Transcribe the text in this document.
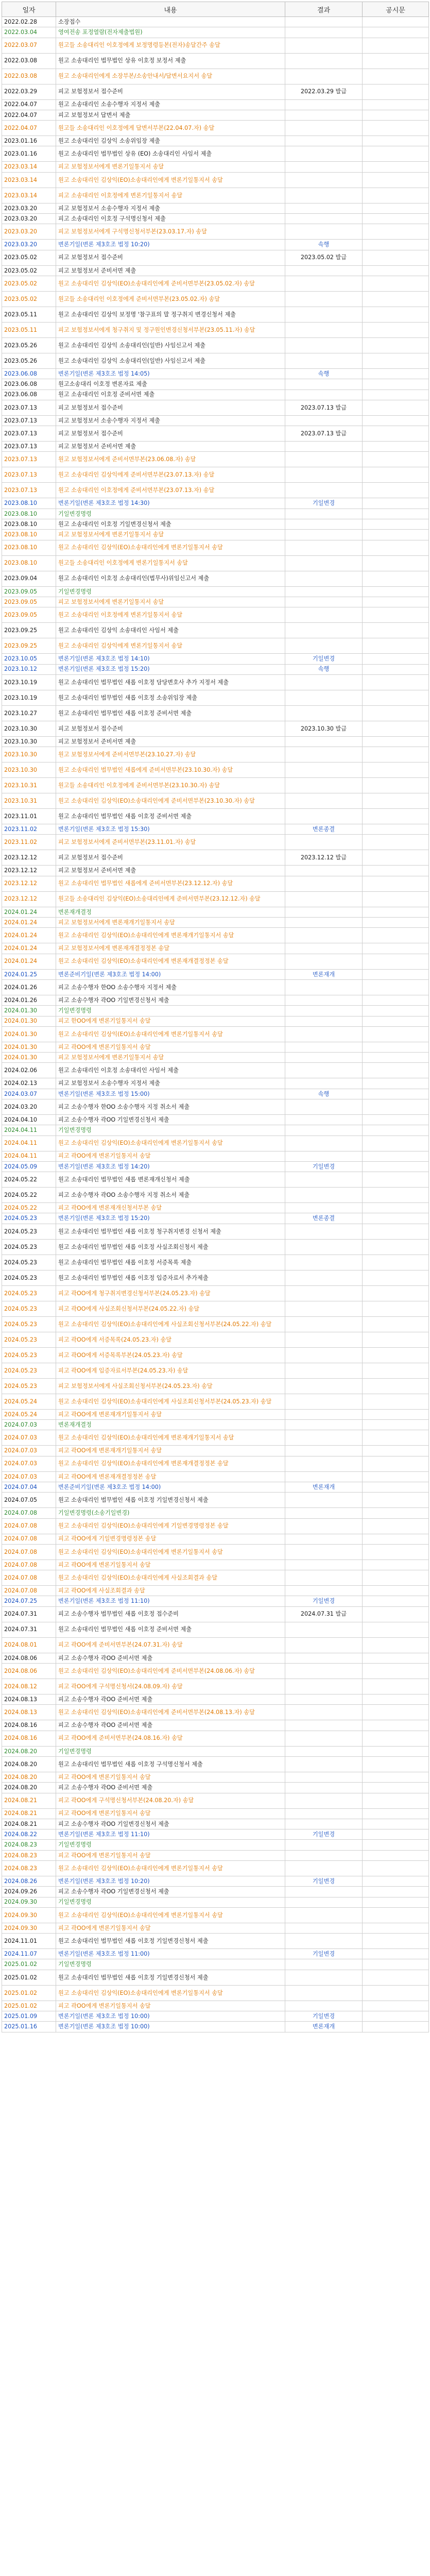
일자	내용	결과	공시문
2022.02.28	소장접수		
2022.03.04	영여전송 포정열람(전자제출법원)		
2022.03.07	원고들 소송대리인 이호정에게 보정명령등본(전자)송달간주 송달		
2022.03.08	원고 소송대리인 법무법인 상유 이호정 보정서 제출		
2022.03.08	원고 소송대리인에게 소장부본/소송안내서/답변서요지서 송달		
2022.03.29	피고 보험정보서 접수준비	2022.03.29 발급	
2022.04.07	원고 소송대리인 소송수행자 지정서 제출		
2022.04.07	피고 보험정보서 답변서 제출		
2022.04.07	원고들 소송대리인 이호정에게 답변서부본(22.04.07.자) 송달		
2023.01.16	원고 소송대리인 김상익 소송위임장 제출		
2023.01.16	원고 소송대리인 법무법인 상유 (EO) 소송대리인 사임서 제출		
2023.03.14	피고 보험정보서에게 변론기일통지서 송달		
2023.03.14	원고 소송대리인 김상익(EO)소송대리인에게 변론기일통지서 송달		
2023.03.14	피고 소송대리인 이호정에게 변론기일통지서 송달		
2023.03.20	피고 보험정보서 소송수행자 지정서 제출		
2023.03.20	피고 소송대리인 이호정 구석명신청서 제출		
2023.03.20	피고 보험정보서에게 구석명신청서부본(23.03.17.자) 송달		
2023.03.20	변론기일(변론 제3호조 법정 10:20)	속행	
2023.05.02	피고 보험정보서 접수준비	2023.05.02 발급	
2023.05.02	피고 보험정보서 준비서면 제출		
2023.05.02	원고 소송대리인 김상익(EO)소송대리인에게 준비서면부본(23.05.02.자) 송달		
2023.05.02	원고들 소송대리인 이호정에게 준비서면부본(23.05.02.자) 송달		
2023.05.11	원고 소송대리인 김상익 보정명 '참구표의 말 정구취지 변경신청서 제출		
2023.05.11	피고 보험정보서에게 청구취지 및 정구원인변경신청서부본(23.05.11.자) 송달		
2023.05.26	원고 소송대리인 김상익 소송대리인(일반) 사임신고서 제출		
2023.05.26	원고 소송대리인 김상익 소송대리인(일반) 사임신고서 제출		
2023.06.08	변론기일(변론 제3호조 법정 14:05)	속행	
2023.06.08	원고소송대리 이호정 변론자료 제출		
2023.06.08	원고 소송대리인 이호정 준비서면 제출		
2023.07.13	피고 보험정보서 접수준비	2023.07.13 발급	
2023.07.13	피고 보험정보서 소송수행자 지정서 제출		
2023.07.13	피고 보험정보서 접수준비	2023.07.13 발급	
2023.07.13	피고 보험정보서 준비서면 제출		
2023.07.13	원고 보험정보서에게 준비서면부본(23.06.08.자) 송달		
2023.07.13	원고 소송대리인 김상익에게 준비서면부본(23.07.13.자) 송달		
2023.07.13	원고 소송대리인 이호정에게 준비서면부본(23.07.13.자) 송달		
2023.08.10	변론기일(변론 제3호조 법정 14:30)	기일변경	
2023.08.10	기일변경명령		
2023.08.10	원고 소송대리인 이호정 기일변경신청서 제출		
2023.08.10	피고 보험정보서에게 변론기일통지서 송달		
2023.08.10	원고 소송대리인 김상익(EO)소송대리인에게 변론기일통지서 송달		
2023.08.10	원고들 소송대리인 이호정에게 변론기일통지서 송달		
2023.09.04	원고 소송대리인 이호정 소송대리인(법무사)위임신고서 제출		
2023.09.05	기일변경명령		
2023.09.05	피고 보험정보서에게 변론기일통지서 송달		
2023.09.05	원고 소송대리인 이호정에게 변론기일통지서 송달		
2023.09.25	원고 소송대리인 김상익 소송대리인 사임서 제출		
2023.09.25	원고 소송대리인 김상익에게 변론기일통지서 송달		
2023.10.05	변론기일(변론 제3호조 법정 14:10)	기일변경	
2023.10.12	변론기일(변론 제3호조 법정 15:20)	속행	
2023.10.19	원고 소송대리인 법무법인 새롭 이호정 담당변호사 추가 지정서 제출		
2023.10.19	원고 소송대리인 법무법인 새롭 이호정 소송위임장 제출		
2023.10.27	원고 소송대리인 법무법인 새롭 이호정 준비서면 제출		
2023.10.30	피고 보험정보서 접수준비	2023.10.30 발급	
2023.10.30	피고 보험정보서 준비서면 제출		
2023.10.30	원고 보험정보서에게 준비서면부본(23.10.27.자) 송달		
2023.10.30	원고 소송대리인 법무법인 새롭에게 준비서면부본(23.10.30.자) 송달		
2023.10.31	원고들 소송대리인 이호정에게 준비서면부본(23.10.30.자) 송달		
2023.10.31	원고 소송대리인 김상익(EO)소송대리인에게 준비서면부본(23.10.30.자) 송달		
2023.11.01	원고 소송대리인 법무법인 새롭 이호정 준비서면 제출		
2023.11.02	변론기일(변론 제3호조 법정 15:30)	변론종결	
2023.11.02	피고 보험정보서에게 준비서면부본(23.11.01.자) 송달		
2023.12.12	피고 보험정보서 접수준비	2023.12.12 발급	
2023.12.12	피고 보험정보서 준비서면 제출		
2023.12.12	원고 소송대리인 법무법인 새롭에게 준비서면부본(23.12.12.자) 송달		
2023.12.12	원고들 소송대리인 김상익(EO)소송대리인에게 준비서면부본(23.12.12.자) 송달		
2024.01.24	변론재개결정		
2024.01.24	피고 보험정보서에게 변론재개기일통지서 송달		
2024.01.24	원고 소송대리인 김상익(EO)소송대리인에게 변론재개기일통지서 송달		
2024.01.24	피고 보험정보서에게 변론재개결정정본 송달		
2024.01.24	원고 소송대리인 김상익(EO)소송대리인에게 변론재개결정정본 송달		
2024.01.25	변론준비기일(변론 제3호조 법정 14:00)	변론재개	
2024.01.26	피고 소송수행자 한OO 소송수행자 지정서 제출		
2024.01.26	피고 소송수행자 곽OO 기일변경신청서 제출		
2024.01.30	기일변경명령		
2024.01.30	피고 한OO에게 변론기일통지서 송달		
2024.01.30	원고 소송대리인 김상익(EO)소송대리인에게 변론기일통지서 송달		
2024.01.30	피고 곽OO에게 변론기일통지서 송달		
2024.01.30	피고 보험정보서에게 변론기일통지서 송달		
2024.02.06	원고 소송대리인 이호정 소송대리인 사임서 제출		
2024.02.13	피고 보험정보서 소송수행자 지정서 제출		
2024.03.07	변론기일(변론 제3호조 법정 15:00)	속행	
2024.03.20	피고 소송수행자 한OO 소송수행자 지정 취소서 제출		
2024.04.10	피고 소송수행자 곽OO 기일변경신청서 제출		
2024.04.11	기일변경명령		
2024.04.11	원고 소송대리인 김상익(EO)소송대리인에게 변론기일통지서 송달		
2024.04.11	피고 곽OO에게 변론기일통지서 송달		
2024.05.09	변론기일(변론 제3호조 법정 14:20)	기일변경	
2024.05.22	원고 소송대리인 법무법인 새롭 변론재개신청서 제출		
2024.05.22	피고 소송수행자 곽OO 소송수행자 지정 취소서 제출		
2024.05.22	피고 곽OO에게 변론재개신청서부본 송달		
2024.05.23	변론기일(변론 제3호조 법정 15:20)	변론종결	
2024.05.23	원고 소송대리인 법무법인 새롭 이호정 청구취지변경 신청서 제출		
2024.05.23	원고 소송대리인 법무법인 새롭 이호정 사실조회신청서 제출		
2024.05.23	원고 소송대리인 법무법인 새롭 이호정 서증목록 제출		
2024.05.23	원고 소송대리인 법무법인 새롭 이호정 입증자료서 추가제출		
2024.05.23	피고 곽OO에게 청구취지변경신청서부본(24.05.23.자) 송달		
2024.05.23	피고 곽OO에게 사실조회신청서부본(24.05.22.자) 송달		
2024.05.23	원고 소송대리인 김상익(EO)소송대리인에게 사실조회신청서부본(24.05.22.자) 송달		
2024.05.23	피고 곽OO에게 서증목록(24.05.23.자) 송달		
2024.05.23	피고 곽OO에게 서증목록부본(24.05.23.자) 송달		
2024.05.23	피고 곽OO에게 입증자료서부본(24.05.23.자) 송달		
2024.05.23	피고 보험정보서에게 사실조회신청서부본(24.05.23.자) 송달		
2024.05.24	원고 소송대리인 김상익(EO)소송대리인에게 사실조회신청서부본(24.05.23.자) 송달		
2024.05.24	피고 곽OO에게 변론재개기일통지서 송달		
2024.07.03	변론재개결정		
2024.07.03	원고 소송대리인 김상익(EO)소송대리인에게 변론재개기일통지서 송달		
2024.07.03	피고 곽OO에게 변론재개기일통지서 송달		
2024.07.03	원고 소송대리인 김상익(EO)소송대리인에게 변론재개결정정본 송달		
2024.07.03	피고 곽OO에게 변론재개결정정본 송달		
2024.07.04	변론준비기일(변론 제3호조 법정 14:00)	변론재개	
2024.07.05	원고 소송대리인 법무법인 새롭 이호정 기일변경신청서 제출		
2024.07.08	기일변경명령(소송기일변경)		
2024.07.08	원고 소송대리인 김상익(EO)소송대리인에게 기일변경명령정본 송달		
2024.07.08	피고 곽OO에게 기일변경명령정본 송달		
2024.07.08	원고 소송대리인 김상익(EO)소송대리인에게 변론기일통지서 송달		
2024.07.08	피고 곽OO에게 변론기일통지서 송달		
2024.07.08	원고 소송대리인 김상익(EO)소송대리인에게 사실조회결과 송달		
2024.07.08	피고 곽OO에게 사실조회결과 송달		
2024.07.25	변론기일(변론 제3호조 법정 11:10)	기일변경	
2024.07.31	피고 소송수행자 법무법인 새롭 이호정 접수준비	2024.07.31 발급	
2024.07.31	원고 소송대리인 법무법인 새롭 이호정 준비서면 제출		
2024.08.01	피고 곽OO에게 준비서면부본(24.07.31.자) 송달		
2024.08.06	피고 소송수행자 곽OO 준비서면 제출		
2024.08.06	원고 소송대리인 김상익(EO)소송대리인에게 준비서면부본(24.08.06.자) 송달		
2024.08.12	피고 곽OO에게 구석명신청서(24.08.09.자) 송달		
2024.08.13	피고 소송수행자 곽OO 준비서면 제출		
2024.08.13	원고 소송대리인 김상익(EO)소송대리인에게 준비서면부본(24.08.13.자) 송달		
2024.08.16	피고 소송수행자 곽OO 준비서면 제출		
2024.08.16	피고 곽OO에게 준비서면부본(24.08.16.자) 송달		
2024.08.20	기일변경명령		
2024.08.20	원고 소송대리인 법무법인 새롭 이호정 구석명신청서 제출		
2024.08.20	피고 곽OO에게 변론기일통지서 송달		
2024.08.20	피고 소송수행자 곽OO 준비서면 제출		
2024.08.21	피고 곽OO에게 구석명신청서부본(24.08.20.자) 송달		
2024.08.21	피고 곽OO에게 변론기일통지서 송달		
2024.08.21	피고 소송수행자 곽OO 기일변경신청서 제출		
2024.08.22	변론기일(변론 제3호조 법정 11:10)	기일변경	
2024.08.23	기일변경명령		
2024.08.23	피고 곽OO에게 변론기일통지서 송달		
2024.08.23	원고 소송대리인 김상익(EO)소송대리인에게 변론기일통지서 송달		
2024.08.26	변론기일(변론 제3호조 법정 10:20)	기일변경	
2024.09.26	피고 소송수행자 곽OO 기일변경신청서 제출		
2024.09.30	기일변경명령		
2024.09.30	원고 소송대리인 김상익(EO)소송대리인에게 변론기일통지서 송달		
2024.09.30	피고 곽OO에게 변론기일통지서 송달		
2024.11.01	원고 소송대리인 법무법인 새롭 이호정 기일변경신청서 제출		
2024.11.07	변론기일(변론 제3호조 법정 11:00)	기일변경	
2025.01.02	기일변경명령		
2025.01.02	원고 소송대리인 법무법인 새롭 이호정 기일변경신청서 제출		
2025.01.02	원고 소송대리인 김상익(EO)소송대리인에게 변론기일통지서 송달		
2025.01.02	피고 곽OO에게 변론기일통지서 송달		
2025.01.09	변론기일(변론 제3호조 법정 10:00)	기일변경	
2025.01.16	변론기일(변론 제3호조 법정 10:00)	변론재개	
